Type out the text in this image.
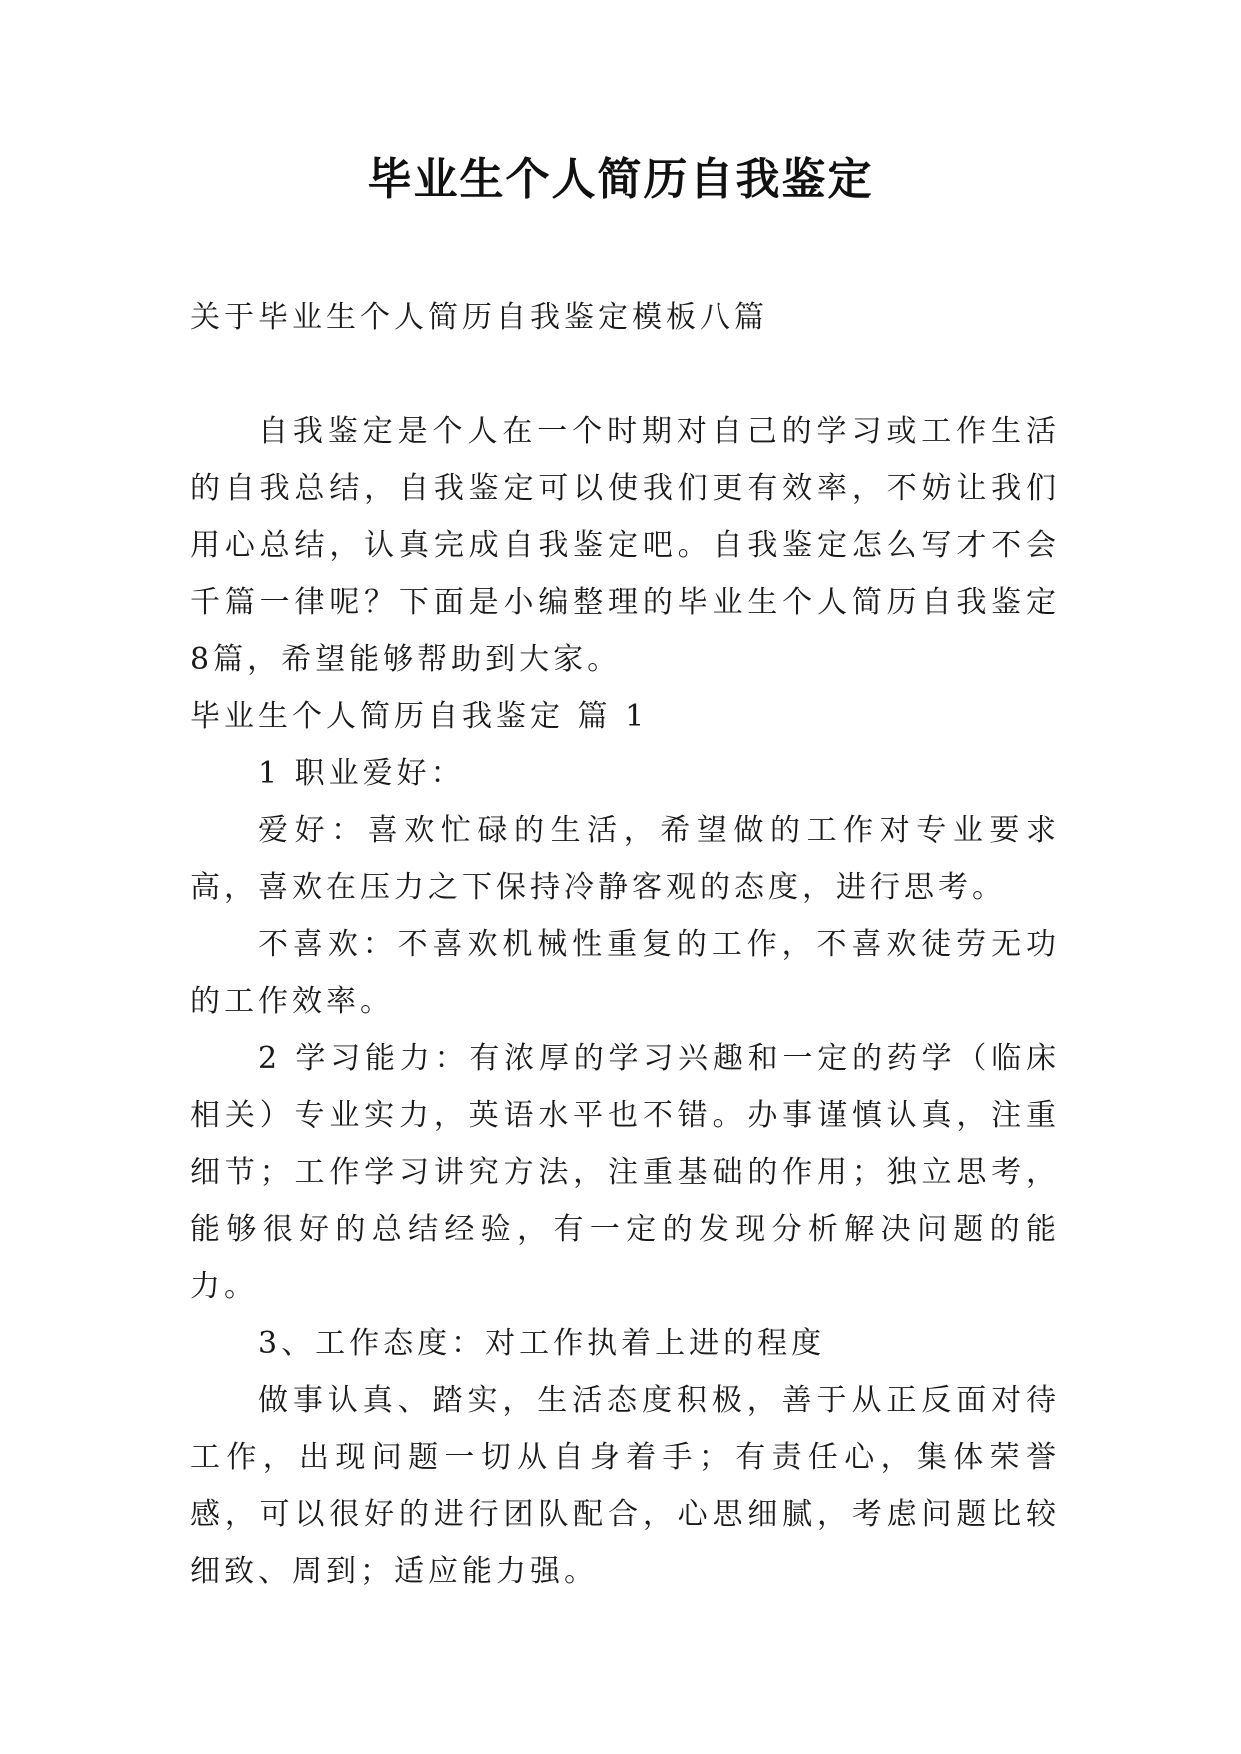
毕业生个人简历自我鉴定

关于毕业生个人简历自我鉴定模板八篇

自我鉴定是个人在一个时期对自己的学习或工作生活的自我总结，自我鉴定可以使我们更有效率，不妨让我们用心总结，认真完成自我鉴定吧。自我鉴定怎么写才不会千篇一律呢？下面是小编整理的毕业生个人简历自我鉴定8篇，希望能够帮助到大家。

毕业生个人简历自我鉴定 篇 1

1 职业爱好：

爱好：喜欢忙碌的生活，希望做的工作对专业要求高，喜欢在压力之下保持冷静客观的态度，进行思考。

不喜欢：不喜欢机械性重复的工作，不喜欢徒劳无功的工作效率。

2 学习能力：有浓厚的学习兴趣和一定的药学（临床相关）专业实力，英语水平也不错。办事谨慎认真，注重细节；工作学习讲究方法，注重基础的作用；独立思考，能够很好的总结经验，有一定的发现分析解决问题的能力。

3、工作态度：对工作执着上进的程度

做事认真、踏实，生活态度积极，善于从正反面对待工作，出现问题一切从自身着手；有责任心，集体荣誉感，可以很好的进行团队配合，心思细腻，考虑问题比较细致、周到；适应能力强。
